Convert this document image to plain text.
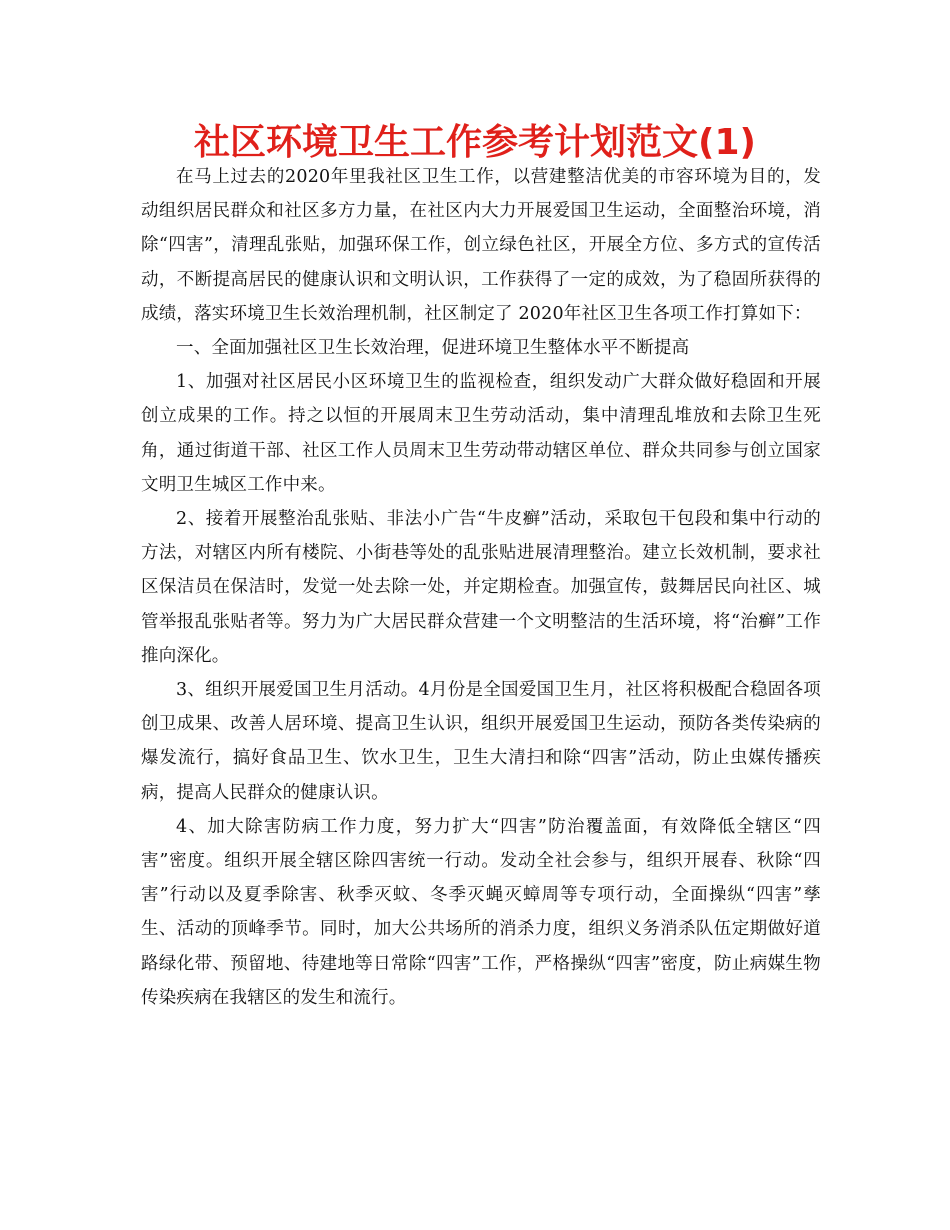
社区环境卫生工作参考计划范文(1)

在马上过去的2020年里我社区卫生工作，以营建整洁优美的市容环境为目的，发动组织居民群众和社区多方力量，在社区内大力开展爱国卫生运动，全面整治环境，消除“四害”，清理乱张贴，加强环保工作，创立绿色社区，开展全方位、多方式的宣传活动，不断提高居民的健康认识和文明认识，工作获得了一定的成效，为了稳固所获得的成绩，落实环境卫生长效治理机制，社区制定了 2020年社区卫生各项工作打算如下：

一、全面加强社区卫生长效治理，促进环境卫生整体水平不断提高

1、加强对社区居民小区环境卫生的监视检查，组织发动广大群众做好稳固和开展创立成果的工作。持之以恒的开展周末卫生劳动活动，集中清理乱堆放和去除卫生死角，通过街道干部、社区工作人员周末卫生劳动带动辖区单位、群众共同参与创立国家文明卫生城区工作中来。

2、接着开展整治乱张贴、非法小广告“牛皮癣”活动，采取包干包段和集中行动的方法，对辖区内所有楼院、小街巷等处的乱张贴进展清理整治。建立长效机制，要求社区保洁员在保洁时，发觉一处去除一处，并定期检查。加强宣传，鼓舞居民向社区、城管举报乱张贴者等。努力为广大居民群众营建一个文明整洁的生活环境，将“治癣”工作推向深化。

3、组织开展爱国卫生月活动。4月份是全国爱国卫生月，社区将积极配合稳固各项创卫成果、改善人居环境、提高卫生认识，组织开展爱国卫生运动，预防各类传染病的爆发流行，搞好食品卫生、饮水卫生，卫生大清扫和除“四害”活动，防止虫媒传播疾病，提高人民群众的健康认识。

4、加大除害防病工作力度，努力扩大“四害”防治覆盖面，有效降低全辖区“四害”密度。组织开展全辖区除四害统一行动。发动全社会参与，组织开展春、秋除“四害”行动以及夏季除害、秋季灭蚊、冬季灭蝇灭蟑周等专项行动，全面操纵“四害”孳生、活动的顶峰季节。同时，加大公共场所的消杀力度，组织义务消杀队伍定期做好道路绿化带、预留地、待建地等日常除“四害”工作，严格操纵“四害”密度，防止病媒生物传染疾病在我辖区的发生和流行。
